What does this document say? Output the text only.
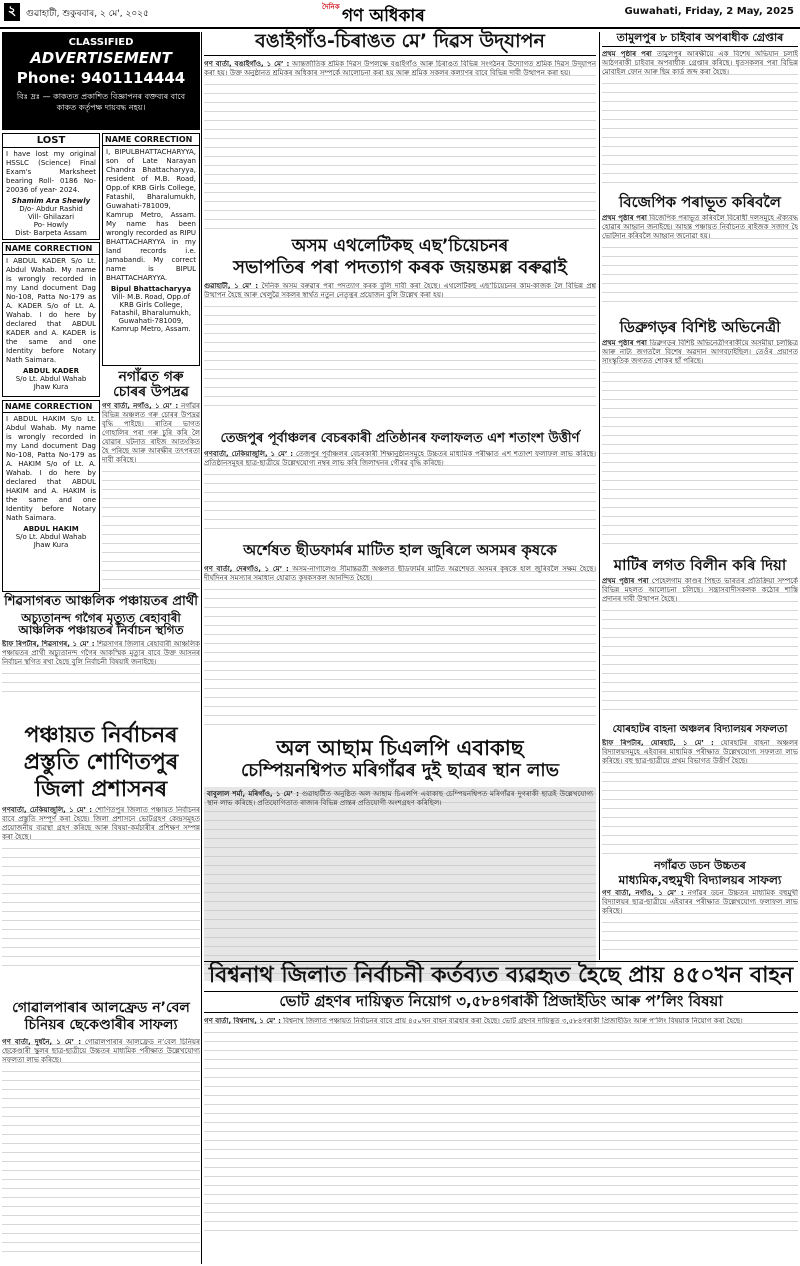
২	গুৱাহাটী, শুকুৰবাৰ, ২ মে', ২০২৫
দৈনিক গণ অধিকাৰ	Guwahati, Friday, 2 May, 2025
CLASSIFIED
ADVERTISEMENT
Phone: 9401114444
বিঃ দ্ৰঃ — কাকতত প্ৰকাশিত বিজ্ঞাপনৰ বক্তব্যৰ বাবে কাকত কৰ্তৃপক্ষ দায়বদ্ধ নহয়।
LOST
I have lost my original HSSLC (Science) Final Exam's Marksheet bearing Roll- 0186 No- 20036 of year- 2024.
Shamim Ara Shewly
D/o- Abdur Rashid
Vill- Ghilazari
Po- Howly
Dist- Barpeta Assam
NAME CORRECTION
I, BIPULBHATTACHARYYA, son of Late Narayan Chandra Bhattacharyya, resident of M.B. Road, Opp.of KRB Girls College, Fatashil, Bharalumukh, Guwahati-781009, Kamrup Metro, Assam. My name has been wrongly recorded as RIPU BHATTACHARYYA in my land records i.e. Jamabandi. My correct name is BIPUL BHATTACHARYYA.
Bipul Bhattacharyya
Vill- M.B. Road, Opp.of KRB Girls College, Fatashil, Bharalumukh, Guwahati-781009, Kamrup Metro, Assam.
NAME CORRECTION
I ABDUL KADER S/o Lt. Abdul Wahab. My name is wrongly recorded in my Land document Dag No-108, Patta No-179 as A. KADER S/o of Lt. A. Wahab. I do here by declared that ABDUL KADER and A. KADER is the same and one Identity before Notary Nath Saimara.
ABDUL KADER
S/o Lt. Abdul Wahab
Jhaw Kura
নগাঁৱত গৰু চোৰৰ উপদ্ৰৱ
গণ বাৰ্তা, নগাঁও, ১ মে’ : নগাঁৱৰ বিভিন্ন অঞ্চলত গৰু চোৰৰ উপদ্ৰৱ বৃদ্ধি পাইছে। ৰাতিৰ ভাগত গোহালিৰ পৰা গৰু চুৰি কৰি লৈ যোৱাৰ ঘটনাত ৰাইজ আতংকিত হৈ পৰিছে আৰু আৰক্ষীৰ তৎপৰতা দাবী কৰিছে।
NAME CORRECTION
I ABDUL HAKIM S/o Lt. Abdul Wahab. My name is wrongly recorded in my Land document Dag No-108, Patta No-179 as A. HAKIM S/o of Lt. A. Wahab. I do here by declared that ABDUL HAKIM and A. HAKIM is the same and one Identity before Notary Nath Saimara.
ABDUL HAKIM
S/o Lt. Abdul Wahab
Jhaw Kura
শিৱসাগৰত আঞ্চলিক পঞ্চায়তৰ প্ৰাৰ্থী
অচ্যুতানন্দ গগৈৰ মৃত্যুত ৰেহাবাৰী আঞ্চলিক পঞ্চায়তৰ নিৰ্বাচন স্থগিত
ষ্টাফ ৰিপৰ্টাৰ, শিৱসাগৰ, ১ মে’ : শিৱসাগৰ জিলাৰ ৰেহাবাৰী আঞ্চলিক পঞ্চায়তৰ প্ৰাৰ্থী অচ্যুতানন্দ গগৈৰ আকস্মিক মৃত্যুৰ বাবে উক্ত আসনৰ নিৰ্বাচন স্থগিত ৰখা হৈছে বুলি নিৰ্বাচনী বিষয়াই জনাইছে।
পঞ্চায়ত নিৰ্বাচনৰ প্ৰস্তুতি শোণিতপুৰ জিলা প্ৰশাসনৰ
গণবাৰ্তা, ঢেকিয়াজুলি, ১ মে’ : শোণিতপুৰ জিলাত পঞ্চায়ত নিৰ্বাচনৰ বাবে প্ৰস্তুতি সম্পূৰ্ণ কৰা হৈছে। জিলা প্ৰশাসনে ভোটগ্ৰহণ কেন্দ্ৰসমূহত প্ৰয়োজনীয় ব্যৱস্থা গ্ৰহণ কৰিছে আৰু বিষয়া-কৰ্মচাৰীৰ প্ৰশিক্ষণ সম্পন্ন কৰা হৈছে।
বঙাইগাঁও-চিৰাঙত মে’ দিৱস উদ্‌যাপন
গণ বাৰ্তা, বঙাইগাঁও, ১ মে’ : আন্তৰ্জাতিক শ্ৰমিক দিৱস উপলক্ষে বঙাইগাঁও আৰু চিৰাঙত বিভিন্ন সংগঠনৰ উদ্যোগত শ্ৰমিক দিৱস উদ্‌যাপন কৰা হয়। উক্ত অনুষ্ঠানত শ্ৰমিকৰ অধিকাৰ সম্পৰ্কে আলোচনা কৰা হয় আৰু শ্ৰমিক সকলৰ কল্যাণৰ বাবে বিভিন্ন দাবী উত্থাপন কৰা হয়।
অসম এথলেটিকছ এছ’চিয়েচনৰ
সভাপতিৰ পৰা পদত্যাগ কৰক জয়ন্তমল্ল বৰুৱাই
গুৱাহাটী, ১ মে’ : দৈনিক অসম বৰুৱাৰ পৰা পদত্যাগ কৰক বুলি দাবী কৰা হৈছে। এথলেটিকছ এছ’চিয়েচনৰ কাম-কাজক লৈ বিভিন্ন প্ৰশ্ন উত্থাপন হৈছে আৰু খেলুৱৈ সকলৰ স্বাৰ্থত নতুন নেতৃত্বৰ প্ৰয়োজন বুলি উল্লেখ কৰা হয়।
তেজপুৰ পূৰ্বাঞ্চলৰ বেচৰকাৰী প্ৰতিষ্ঠানৰ ফলাফলত এশ শতাংশ উত্তীৰ্ণ
গণবাৰ্তা, ঢেকিয়াজুলি, ১ মে’ : তেজপুৰ পূৰ্বাঞ্চলৰ বেচৰকাৰী শিক্ষানুষ্ঠানসমূহে উচ্চতৰ মাধ্যমিক পৰীক্ষাত এশ শতাংশ ফলাফল লাভ কৰিছে। প্ৰতিষ্ঠানসমূহৰ ছাত্ৰ-ছাত্ৰীয়ে উল্লেখযোগ্য নম্বৰ লাভ কৰি জিলাখনৰ গৌৰৱ বৃদ্ধি কৰিছে।
অৰ্শেষত ছীডফাৰ্মৰ মাটিত হাল জুৰিলে অসমৰ কৃষকে
গণ বাৰ্তা, দেৰগাঁও, ১ মে’ : অসম-নাগালেণ্ড সীমান্তৱৰ্তী অঞ্চলত ছীডফাৰ্মৰ মাটিত অৱশেষত অসমৰ কৃষকে হাল জুৰিবলৈ সক্ষম হৈছে। দীৰ্ঘদিনৰ সমস্যাৰ সমাধান হোৱাত কৃষকসকল আনন্দিত হৈছে।
অল আছাম চিএলপি এবাকাছ
চেম্পিয়নশ্বিপত মৰিগাঁৱৰ দুই ছাত্ৰৰ স্থান লাভ
বাবুলাল শৰ্মা, মৰিগাঁও, ১ মে’ : গুৱাহাটীত অনুষ্ঠিত অল আছাম চিএলপি এবাকাছ চেম্পিয়নশ্বিপত মৰিগাঁৱৰ দুগৰাকী ছাত্ৰই উল্লেখযোগ্য স্থান লাভ কৰিছে। প্ৰতিযোগিতাত ৰাজ্যৰ বিভিন্ন প্ৰান্তৰ প্ৰতিযোগী অংশগ্ৰহণ কৰিছিল।
তামুলপুৰ ৮ চাইবাৰ অপৰাধীক গ্ৰেপ্তাৰ
প্ৰথম পৃষ্ঠাৰ পৰা তামুলপুৰ আৰক্ষীয়ে এক বিশেষ অভিযান চলাই আঠগৰাকী চাইবাৰ অপৰাধীক গ্ৰেপ্তাৰ কৰিছে। ধৃতসকলৰ পৰা বিভিন্ন মোবাইল ফোন আৰু ছিম কাৰ্ড জব্দ কৰা হৈছে।
বিজেপিক পৰাভূত কৰিবলৈ
প্ৰথম পৃষ্ঠাৰ পৰা বিজেপিক পৰাভূত কৰিবলৈ বিৰোধী দলসমূহে ঐক্যবদ্ধ হোৱাৰ আহ্বান জনাইছে। আহন্ত পঞ্চায়ত নিৰ্বাচনত ৰাইজক সজাগ হৈ ভোটদান কৰিবলৈ আহ্বান জনোৱা হয়।
ডিব্ৰুগড়ৰ বিশিষ্ট অভিনেত্ৰী
প্ৰথম পৃষ্ঠাৰ পৰা ডিব্ৰুগড়ৰ বিশিষ্ট অভিনেত্ৰীগৰাকীয়ে অসমীয়া চলচ্চিত্ৰ আৰু নাট্য জগতলৈ বিশেষ অৱদান আগবঢ়াইছিল। তেওঁৰ প্ৰয়াণত সাংস্কৃতিক জগতত শোকৰ ছাঁ পৰিছে।
মাটিৰ লগত বিলীন কৰি দিয়া
প্ৰথম পৃষ্ঠাৰ পৰা পেহেলগাম কাণ্ডৰ পিছত ভাৰতৰ প্ৰতিক্ৰিয়া সম্পৰ্কে বিভিন্ন মহলত আলোচনা চলিছে। সন্ত্ৰাসবাদীসকলক কঠোৰ শাস্তি প্ৰদানৰ দাবী উত্থাপন হৈছে।
যোৰহাটৰ বাহনা অঞ্চলৰ বিদ্যালয়ৰ সফলতা
ষ্টাফ ৰিপৰ্টাৰ, যোৰহাট, ১ মে’ : যোৰহাটৰ বাহনা অঞ্চলৰ বিদ্যালয়সমূহে এইবাৰৰ মাধ্যমিক পৰীক্ষাত উল্লেখযোগ্য সফলতা লাভ কৰিছে। বহু ছাত্ৰ-ছাত্ৰীয়ে প্ৰথম বিভাগত উত্তীৰ্ণ হৈছে।
নগাঁৱত ডচন উচ্চতৰ
মাধ্যমিক,বহুমুখী বিদ্যালয়ৰ সাফল্য
গণ বাৰ্তা, নগাঁও, ১ মে’ : নগাঁৱৰ ডচন উচ্চতৰ মাধ্যমিক বহুমুখী বিদ্যালয়ৰ ছাত্ৰ-ছাত্ৰীয়ে এইবাৰৰ পৰীক্ষাত উল্লেখযোগ্য ফলাফল লাভ কৰিছে।
বিশ্বনাথ জিলাত নিৰ্বাচনী কৰ্তব্যত ব্যৱহৃত হৈছে প্ৰায় ৪৫০খন বাহন
ভোট গ্ৰহণৰ দায়িত্বত নিয়োগ ৩,৫৮৪গৰাকী প্ৰিজাইডিং আৰু প’লিং বিষয়া
গণ বাৰ্তা, বিশ্বনাথ, ১ মে’ : বিশ্বনাথ জিলাত পঞ্চায়ত নিৰ্বাচনৰ বাবে প্ৰায় ৪৫০খন বাহন ব্যৱহাৰ কৰা হৈছে। ভোট গ্ৰহণৰ দায়িত্বত ৩,৫৮৪গৰাকী প্ৰিজাইডিং আৰু প’লিং বিষয়াক নিয়োগ কৰা হৈছে।
গোৱালপাৰাৰ আলফ্ৰেড ন’বেল চিনিয়ৰ ছেকেণ্ডাৰীৰ সাফল্য
গণ বাৰ্তা, দুধনৈ, ১ মে’ : গোৱালপাৰাৰ আলফ্ৰেড ন’বেল চিনিয়ৰ ছেকেণ্ডাৰী স্কুলৰ ছাত্ৰ-ছাত্ৰীয়ে উচ্চতৰ মাধ্যমিক পৰীক্ষাত উল্লেখযোগ্য সফলতা লাভ কৰিছে।
